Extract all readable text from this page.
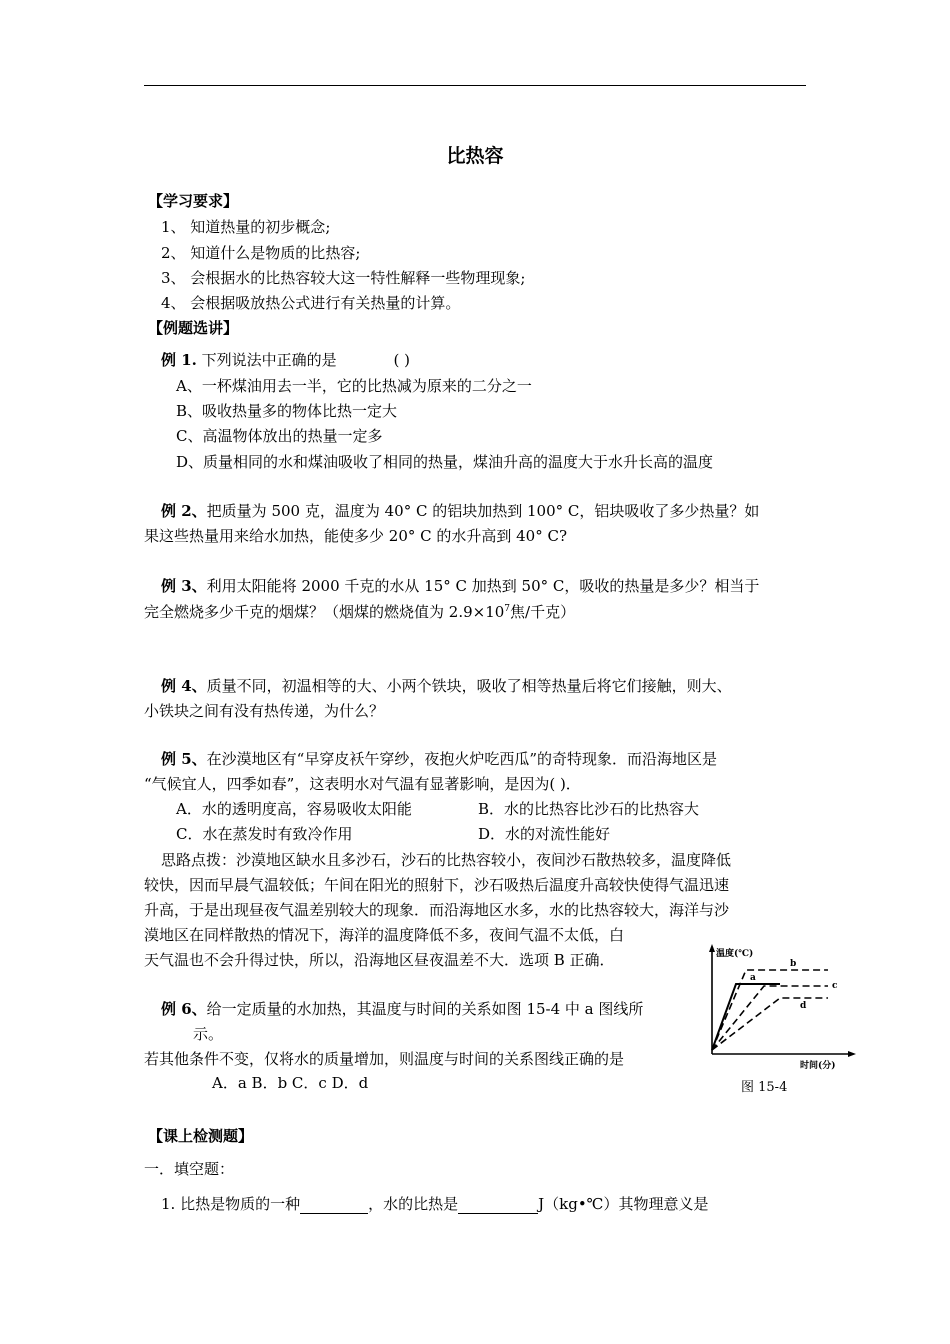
比热容
【学习要求】
1、 知道热量的初步概念;
2、 知道什么是物质的比热容;
3、 会根据水的比热容较大这一特性解释一些物理现象;
4、 会根据吸放热公式进行有关热量的计算。
【例题选讲】
例 1. 下列说法中正确的是	( )
A、一杯煤油用去一半，它的比热减为原来的二分之一
B、吸收热量多的物体比热一定大
C、高温物体放出的热量一定多
D、质量相同的水和煤油吸收了相同的热量，煤油升高的温度大于水升长高的温度
例 2、把质量为 500 克，温度为 40° C 的铝块加热到 100° C，铝块吸收了多少热量？如
果这些热量用来给水加热，能使多少 20° C 的水升高到 40° C?
例 3、利用太阳能将 2000 千克的水从 15° C 加热到 50° C，吸收的热量是多少？相当于
完全燃烧多少千克的烟煤？（烟煤的燃烧值为 $2.9\times 10^7$焦/千克）
例 4、质量不同，初温相等的大、小两个铁块，吸收了相等热量后将它们接触，则大、
小铁块之间有没有热传递，为什么？
例 5、在沙漠地区有“早穿皮袄午穿纱，夜抱火炉吃西瓜”的奇特现象．而沿海地区是
“气候宜人，四季如春”，这表明水对气温有显著影响，是因为( )．
A．水的透明度高，容易吸收太阳能	B．水的比热容比沙石的比热容大
C．水在蒸发时有致冷作用	D．水的对流性能好
思路点拨：沙漠地区缺水且多沙石，沙石的比热容较小，夜间沙石散热较多，温度降低
较快，因而早晨气温较低；午间在阳光的照射下，沙石吸热后温度升高较快使得气温迅速
升高，于是出现昼夜气温差别较大的现象．而沿海地区水多，水的比热容较大，海洋与沙
漠地区在同样散热的情况下，海洋的温度降低不多，夜间气温不太低，白
天气温也不会升得过快，所以，沿海地区昼夜温差不大．选项 B 正确．
例 6、给一定质量的水加热，其温度与时间的关系如图 15-4 中 a 图线所
示。
若其他条件不变，仅将水的质量增加，则温度与时间的关系图线正确的是
A．a B．b C．c D．d
温度(℃)
时间(分)
a
b
c
d
图 15-4
【课上检测题】
一．填空题：
1. 比热是物质的一种	，水的比热是	J（kg•℃）其物理意义是
